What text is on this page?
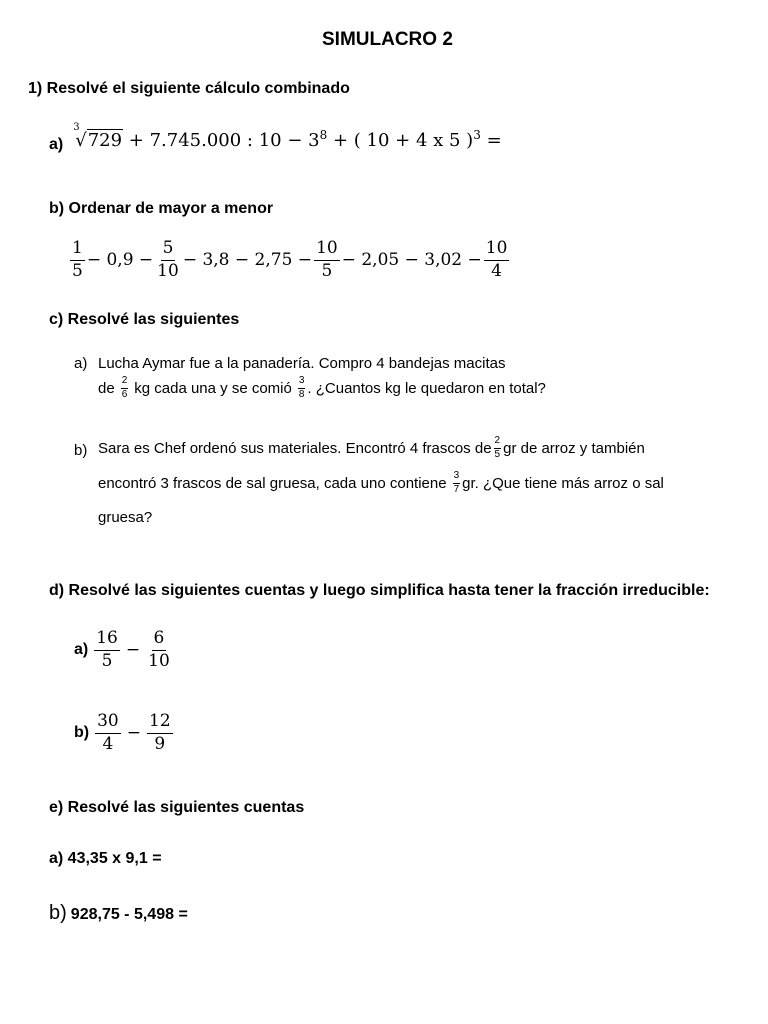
SIMULACRO 2
1) Resolvé el siguiente cálculo combinado
a)
3
√729 + 7.745.000 : $10 - 3^8$ + ( 10 + 4 x 5 )$^3$ =
b) Ordenar de mayor a menor
$\frac{1}{5} - 0,9 - \frac{5}{10} - 3,8 - 2,75 - \frac{10}{5} - 2,05 - 3,02 - \frac{10}{4}$
c) Resolvé las siguientes
a) Lucha Aymar fue a la panadería. Compro 4 bandejas macitas
de $\frac{2}{6}$ kg cada una y se comió $\frac{3}{8}$ . ¿Cuantos kg le quedaron en total?
b) Sara es Chef ordenó sus materiales. Encontró 4 frascos de $\frac{2}{5}$ gr de arroz y también
encontró 3 frascos de sal gruesa, cada uno contiene $\frac{3}{7}$ gr. ¿Que tiene más arroz o sal
gruesa?
d) Resolvé las siguientes cuentas y luego simplifica hasta tener la fracción irreducible:
$a) \frac{16}{5} - \frac{6}{10}$
$b) \frac{30}{4} - \frac{12}{9}$
e) Resolvé las siguientes cuentas
a) 43,35 x 9,1 =
b) 928,75 - 5,498 =
